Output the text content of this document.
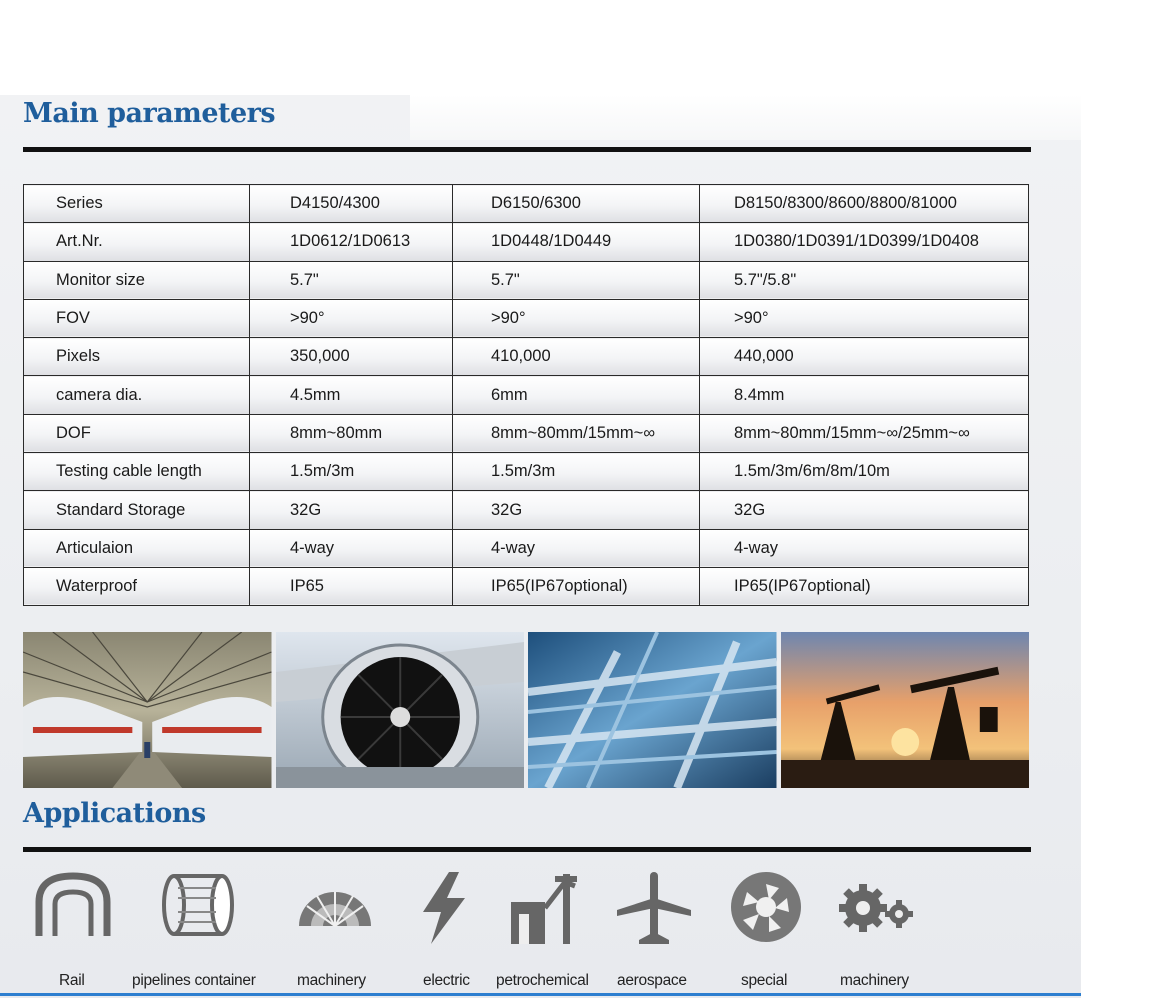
Main parameters
Series	D4150/4300	D6150/6300	D8150/8300/8600/8800/81000
Art.Nr.	1D0612/1D0613	1D0448/1D0449	1D0380/1D0391/1D0399/1D0408
Monitor size	5.7"	5.7"	5.7"/5.8"
FOV	>90°	>90°	>90°
Pixels	350,000	410,000	440,000
camera dia.	4.5mm	6mm	8.4mm
DOF	8mm~80mm	8mm~80mm/15mm~∞	8mm~80mm/15mm~∞/25mm~∞
Testing cable length	1.5m/3m	1.5m/3m	1.5m/3m/6m/8m/10m
Standard Storage	32G	32G	32G
Articulaion	4-way	4-way	4-way
Waterproof	IP65	IP65(IP67optional)	IP65(IP67optional)
Applications
Rail	pipelines container	machinery	electric petrochemical aerospace	special	machinery
